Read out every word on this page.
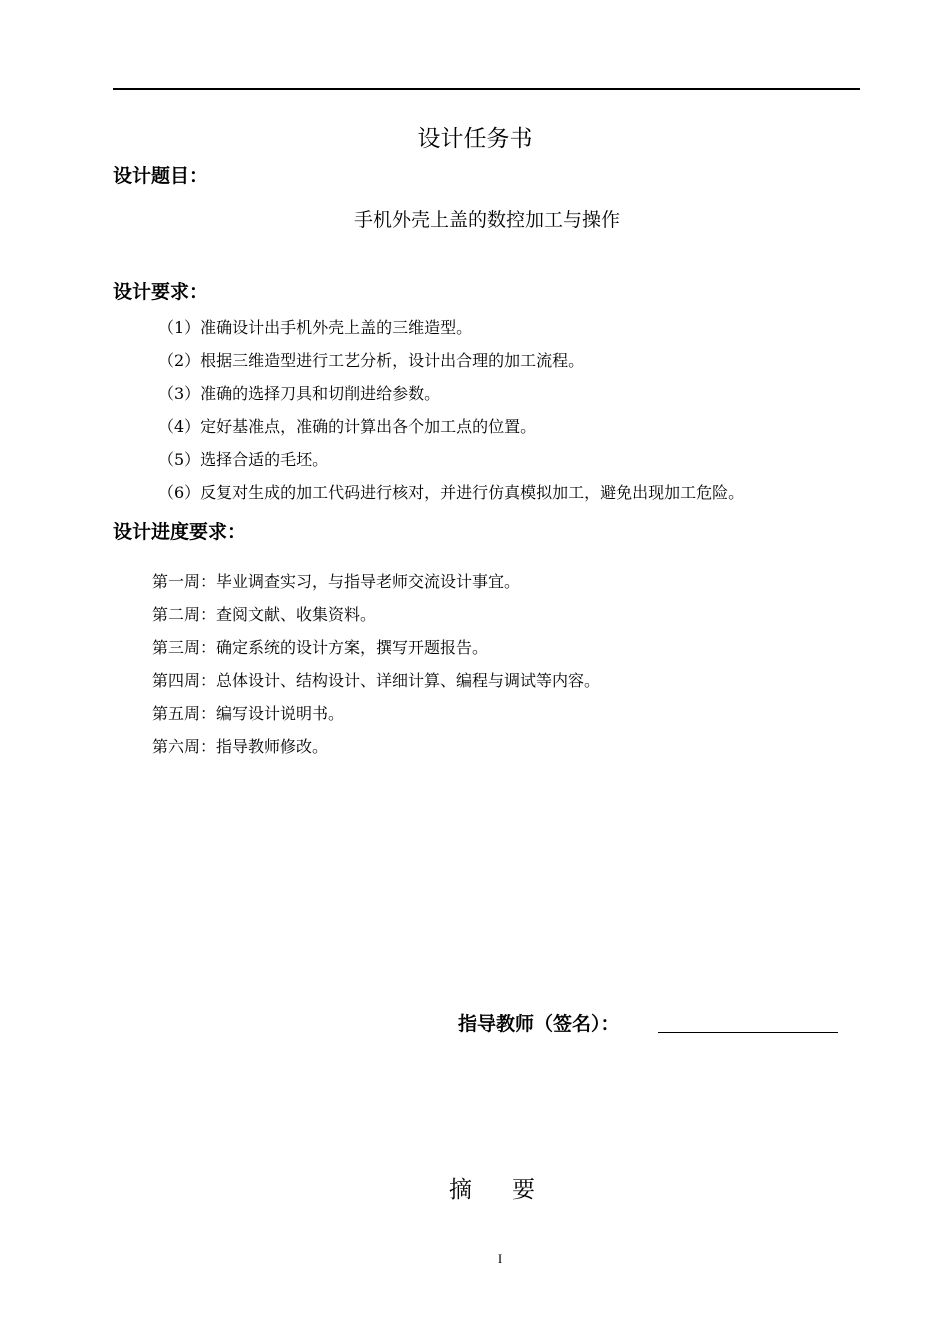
设计任务书
设计题目：
手机外壳上盖的数控加工与操作
设计要求：
（1）准确设计出手机外壳上盖的三维造型。
（2）根据三维造型进行工艺分析，设计出合理的加工流程。
（3）准确的选择刀具和切削进给参数。
（4）定好基准点，准确的计算出各个加工点的位置。
（5）选择合适的毛坯。
（6）反复对生成的加工代码进行核对，并进行仿真模拟加工，避免出现加工危险。
设计进度要求：
第一周：毕业调查实习，与指导老师交流设计事宜。
第二周：查阅文献、收集资料。
第三周：确定系统的设计方案，撰写开题报告。
第四周：总体设计、结构设计、详细计算、编程与调试等内容。
第五周：编写设计说明书。
第六周：指导教师修改。
指导教师（签名）：
摘要
I
